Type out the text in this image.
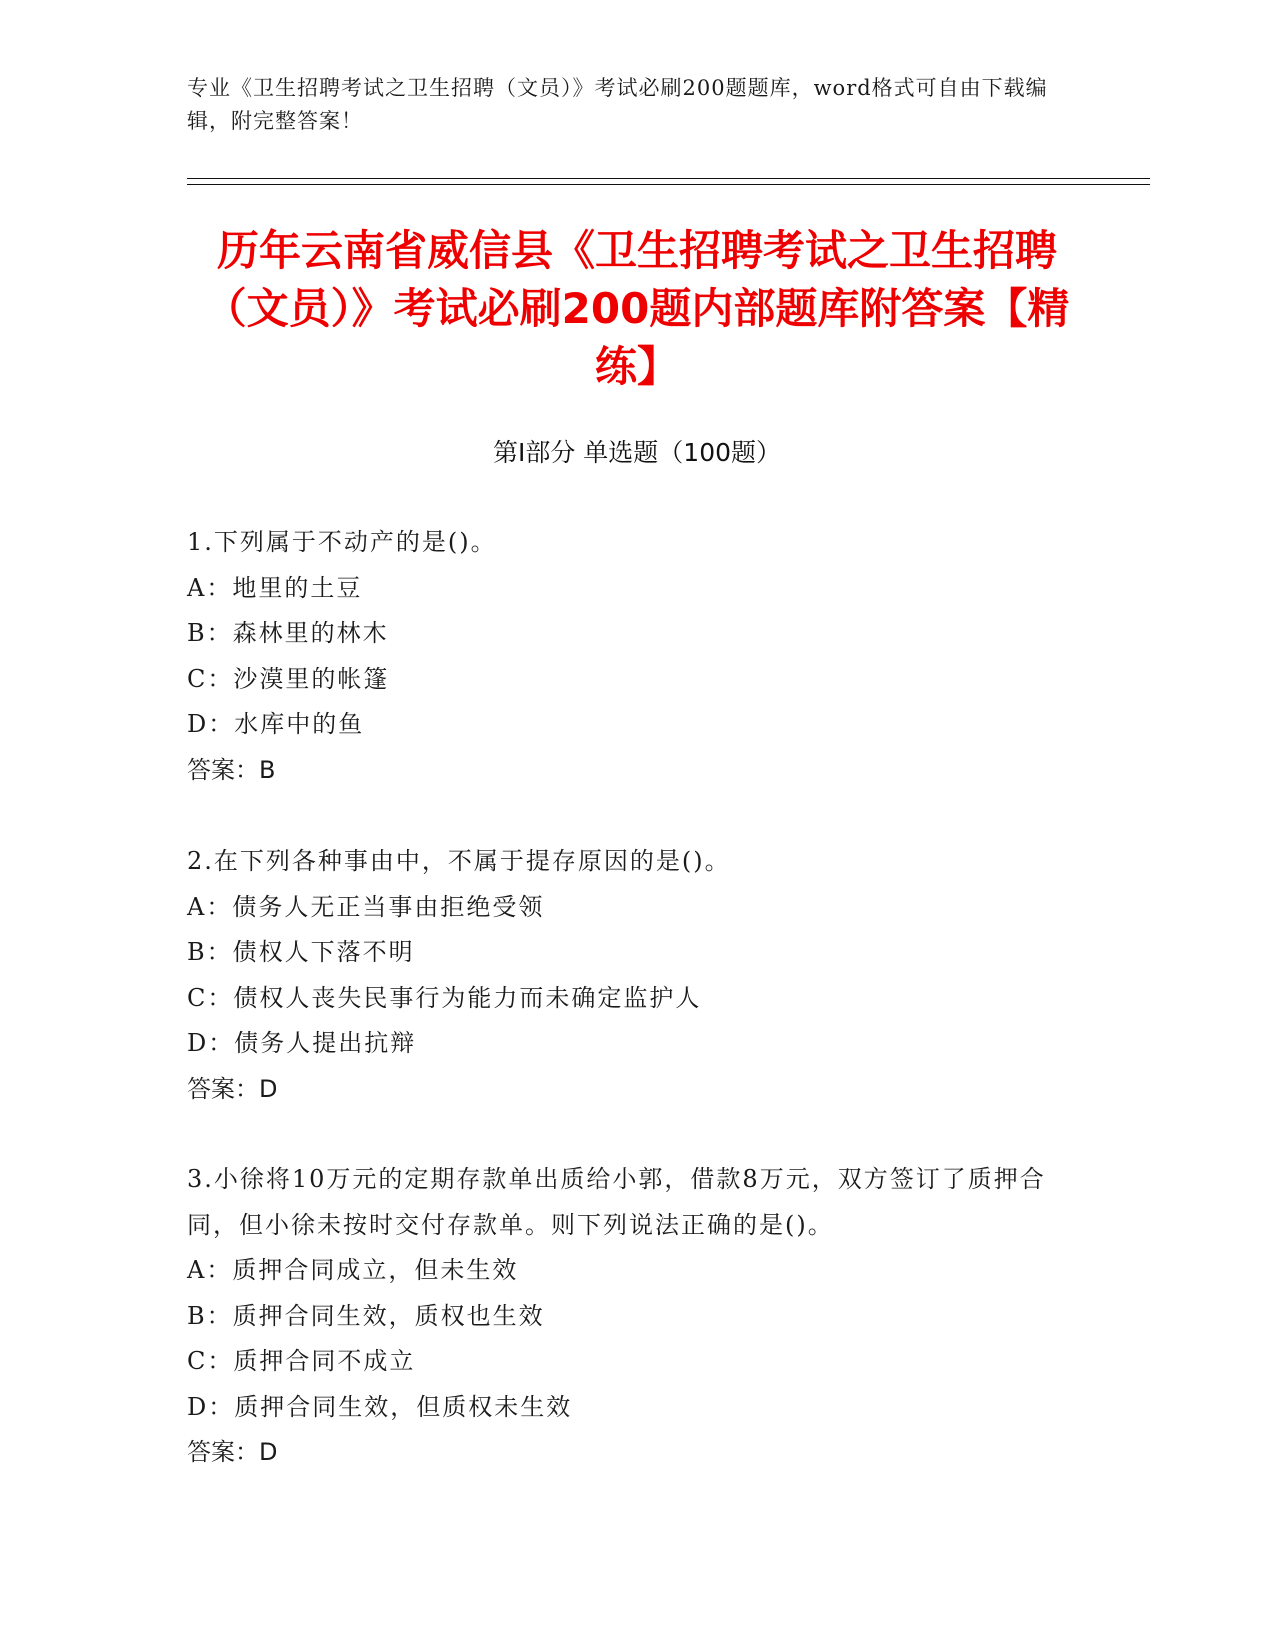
专业《卫生招聘考试之卫生招聘（文员）》考试必刷200题题库，word格式可自由下载编辑，附完整答案！
历年云南省威信县《卫生招聘考试之卫生招聘（文员）》考试必刷200题内部题库附答案【精练】
第I部分 单选题（100题）
1.下列属于不动产的是()。
A：地里的土豆
B：森林里的林木
C：沙漠里的帐篷
D：水库中的鱼
答案：B
2.在下列各种事由中，不属于提存原因的是()。
A：债务人无正当事由拒绝受领
B：债权人下落不明
C：债权人丧失民事行为能力而未确定监护人
D：债务人提出抗辩
答案：D
3.小徐将10万元的定期存款单出质给小郭，借款8万元，双方签订了质押合同，但小徐未按时交付存款单。则下列说法正确的是()。
A：质押合同成立，但未生效
B：质押合同生效，质权也生效
C：质押合同不成立
D：质押合同生效，但质权未生效
答案：D
